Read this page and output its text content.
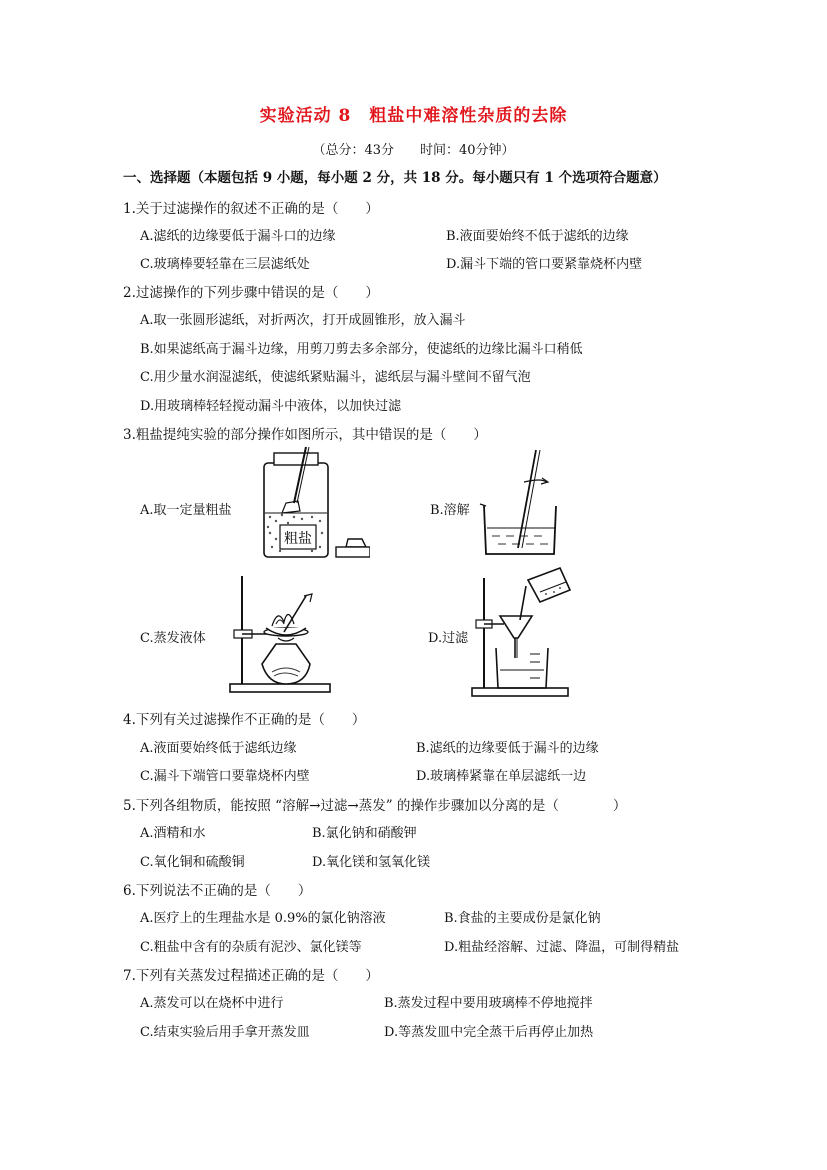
实验活动 8　粗盐中难溶性杂质的去除
（总分：43分　　时间：40分钟）
一、选择题（本题包括 9 小题，每小题 2 分，共 18 分。每小题只有 1 个选项符合题意）
1.关于过滤操作的叙述不正确的是（　　）
A.滤纸的边缘要低于漏斗口的边缘	B.液面要始终不低于滤纸的边缘
C.玻璃棒要轻靠在三层滤纸处	D.漏斗下端的管口要紧靠烧杯内壁
2.过滤操作的下列步骤中错误的是（　　）
A.取一张圆形滤纸，对折两次，打开成圆锥形，放入漏斗
B.如果滤纸高于漏斗边缘，用剪刀剪去多余部分，使滤纸的边缘比漏斗口稍低
C.用少量水润湿滤纸，使滤纸紧贴漏斗，滤纸层与漏斗壁间不留气泡
D.用玻璃棒轻轻搅动漏斗中液体，以加快过滤
3.粗盐提纯实验的部分操作如图所示，其中错误的是（　　）
A.取一定量粗盐	B.溶解
C.蒸发液体	D.过滤
粗盐
4.下列有关过滤操作不正确的是（　　）
A.液面要始终低于滤纸边缘	B.滤纸的边缘要低于漏斗的边缘
C.漏斗下端管口要靠烧杯内壁	D.玻璃棒紧靠在单层滤纸一边
5.下列各组物质，能按照 “溶解→过滤→蒸发” 的操作步骤加以分离的是（　　　　）
A.酒精和水	B.氯化钠和硝酸钾
C.氧化铜和硫酸铜	D.氧化镁和氢氧化镁
6.下列说法不正确的是（　　）
A.医疗上的生理盐水是 0.9%的氯化钠溶液	B.食盐的主要成份是氯化钠
C.粗盐中含有的杂质有泥沙、氯化镁等	D.粗盐经溶解、过滤、降温，可制得精盐
7.下列有关蒸发过程描述正确的是（　　）
A.蒸发可以在烧杯中进行	B.蒸发过程中要用玻璃棒不停地搅拌
C.结束实验后用手拿开蒸发皿	D.等蒸发皿中完全蒸干后再停止加热
